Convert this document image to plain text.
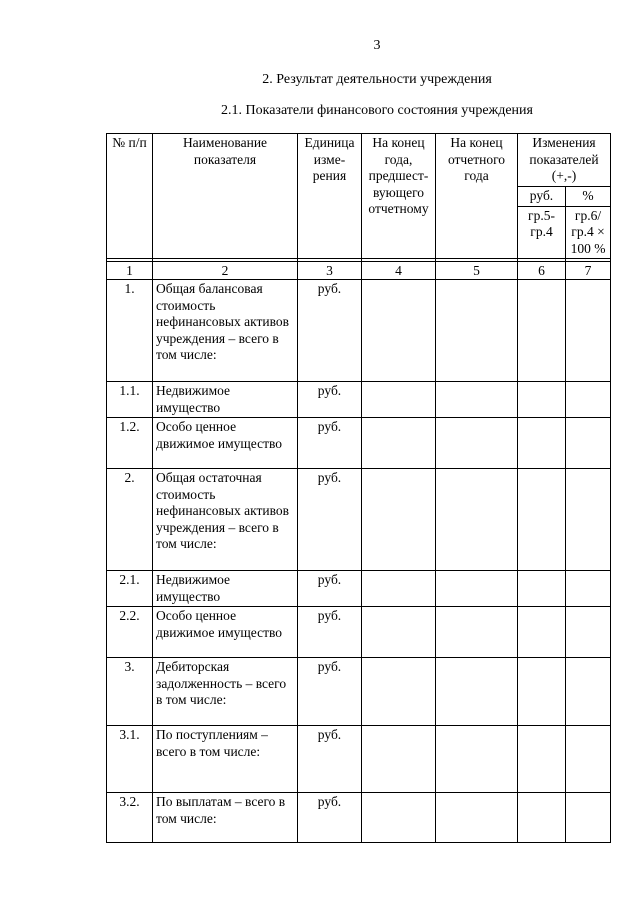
3
2. Результат деятельности учреждения
2.1. Показатели финансового состояния учреждения
№ п/п	Наименование показателя	Единица изме- рения	На конец года, предшест- вующего отчетному	На конец отчетного года	Изменения показателей (+,-)	
					руб.	%
					гр.5- гр.4	гр.6/ гр.4 × 100 %

1	2	3	4	5	6	7
1.	Общая балансовая стоимость нефинансовых активов учреждения – всего в том числе:	руб.				
1.1.	Недвижимое имущество	руб.				
1.2.	Особо ценное движимое имущество	руб.				
2.	Общая остаточная стоимость нефинансовых активов учреждения – всего в том числе:	руб.				
2.1.	Недвижимое имущество	руб.				
2.2.	Особо ценное движимое имущество	руб.				
3.	Дебиторская задолженность – всего в том числе:	руб.				
3.1.	По поступлениям – всего в том числе:	руб.				
3.2.	По выплатам – всего в том числе:	руб.				
